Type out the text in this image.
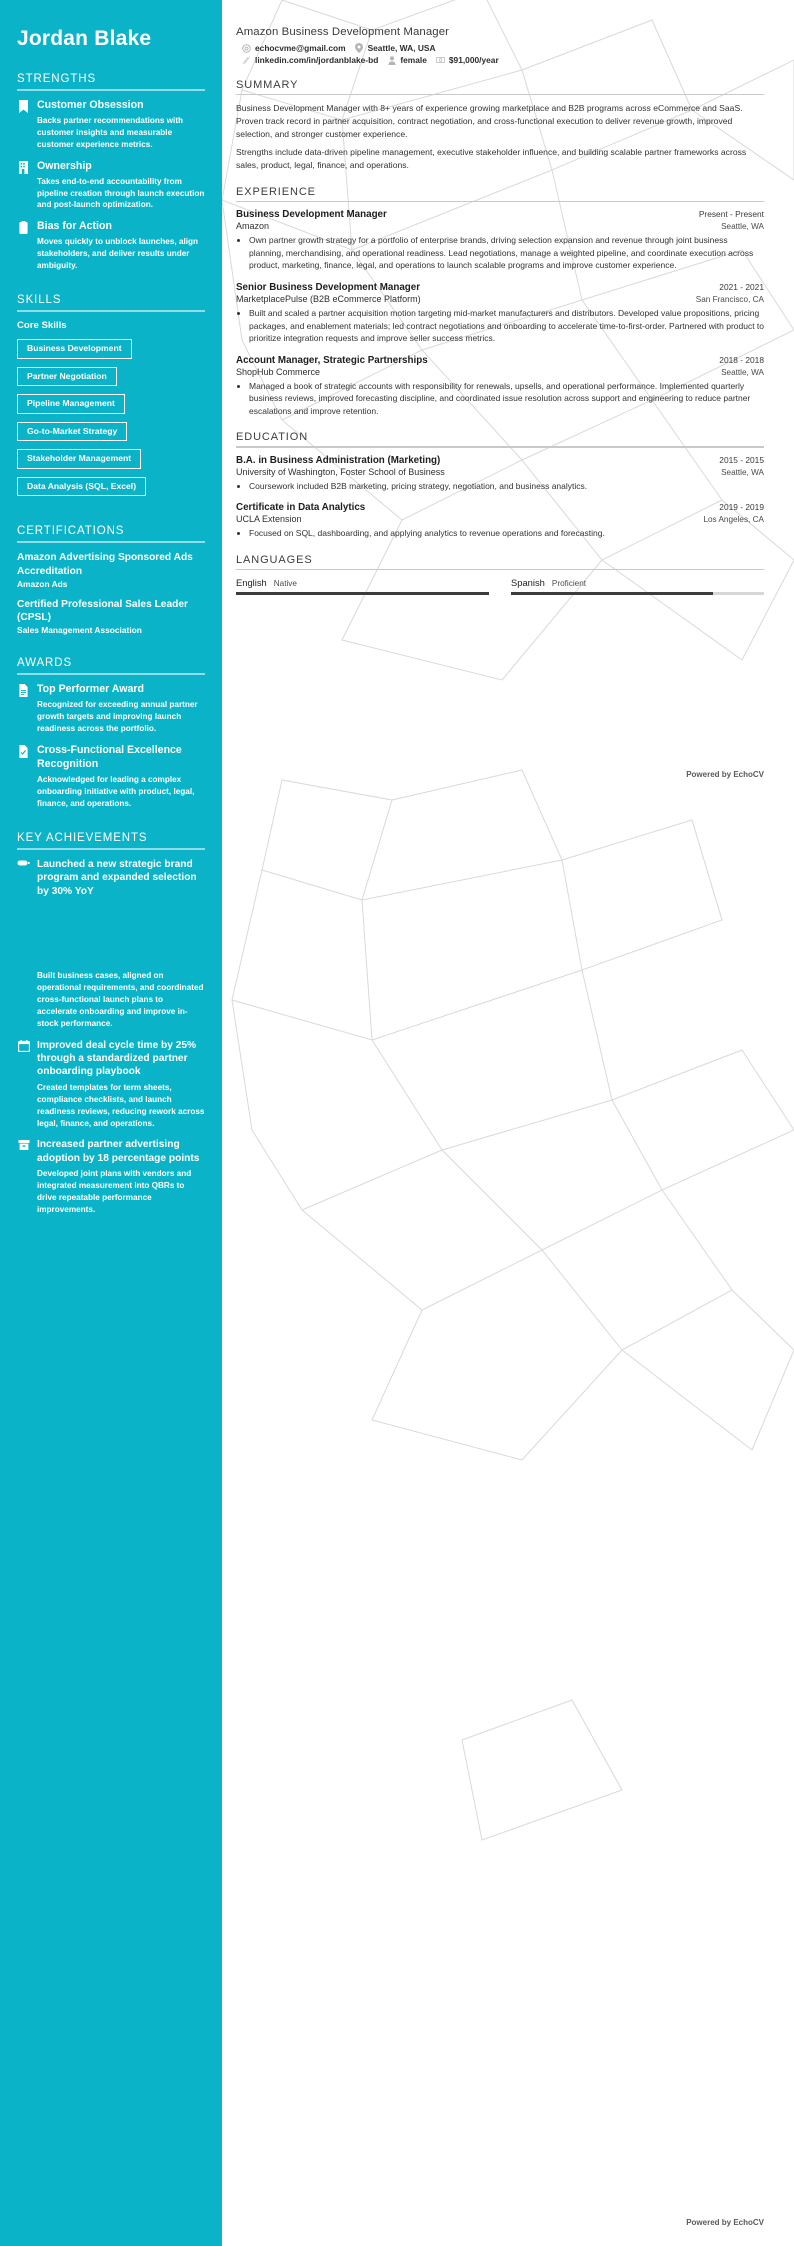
Jordan Blake
STRENGTHS
Customer Obsession
Backs partner recommendations with customer insights and measurable customer experience metrics.
Ownership
Takes end-to-end accountability from pipeline creation through launch execution and post-launch optimization.
Bias for Action
Moves quickly to unblock launches, align stakeholders, and deliver results under ambiguity.
SKILLS
Core Skills
Business Development
Partner Negotiation
Pipeline Management
Go-to-Market Strategy
Stakeholder Management
Data Analysis (SQL, Excel)
CERTIFICATIONS
Amazon Advertising Sponsored Ads Accreditation
Amazon Ads
Certified Professional Sales Leader (CPSL)
Sales Management Association
AWARDS
Top Performer Award
Recognized for exceeding annual partner growth targets and improving launch readiness across the portfolio.
Cross-Functional Excellence Recognition
Acknowledged for leading a complex onboarding initiative with product, legal, finance, and operations.
KEY ACHIEVEMENTS
Launched a new strategic brand program and expanded selection by 30% YoY
Built business cases, aligned on operational requirements, and coordinated cross-functional launch plans to accelerate onboarding and improve in-stock performance.
Improved deal cycle time by 25% through a standardized partner onboarding playbook
Created templates for term sheets, compliance checklists, and launch readiness reviews, reducing rework across legal, finance, and operations.
Increased partner advertising adoption by 18 percentage points
Developed joint plans with vendors and integrated measurement into QBRs to drive repeatable performance improvements.
Amazon Business Development Manager
echocvme@gmail.com	Seattle, WA, USA
linkedin.com/in/jordanblake-bd	female	$91,000/year
SUMMARY

Business Development Manager with 8+ years of experience growing marketplace and B2B programs across eCommerce and SaaS. Proven track record in partner acquisition, contract negotiation, and cross-functional execution to deliver revenue growth, improved selection, and stronger customer experience.

Strengths include data-driven pipeline management, executive stakeholder influence, and building scalable partner frameworks across sales, product, legal, finance, and operations.

EXPERIENCE
Business Development Manager	Present - Present
Amazon	Seattle, WA
• Own partner growth strategy for a portfolio of enterprise brands, driving selection expansion and revenue through joint business planning, merchandising, and operational readiness. Lead negotiations, manage a weighted pipeline, and coordinate execution across product, marketing, finance, legal, and operations to launch scalable programs and improve customer experience.
Senior Business Development Manager	2021 - 2021
MarketplacePulse (B2B eCommerce Platform)	San Francisco, CA
• Built and scaled a partner acquisition motion targeting mid-market manufacturers and distributors. Developed value propositions, pricing packages, and enablement materials; led contract negotiations and onboarding to accelerate time-to-first-order. Partnered with product to prioritize integration requests and improve seller success metrics.
Account Manager, Strategic Partnerships	2018 - 2018
ShopHub Commerce	Seattle, WA
• Managed a book of strategic accounts with responsibility for renewals, upsells, and operational performance. Implemented quarterly business reviews, improved forecasting discipline, and coordinated issue resolution across support and engineering to reduce partner escalations and improve retention.
EDUCATION
B.A. in Business Administration (Marketing)	2015 - 2015
University of Washington, Foster School of Business	Seattle, WA
• Coursework included B2B marketing, pricing strategy, negotiation, and business analytics.
Certificate in Data Analytics	2019 - 2019
UCLA Extension	Los Angeles, CA
• Focused on SQL, dashboarding, and applying analytics to revenue operations and forecasting.
LANGUAGES
English Native	Spanish Proficient
Powered by EchoCV
Powered by EchoCV
